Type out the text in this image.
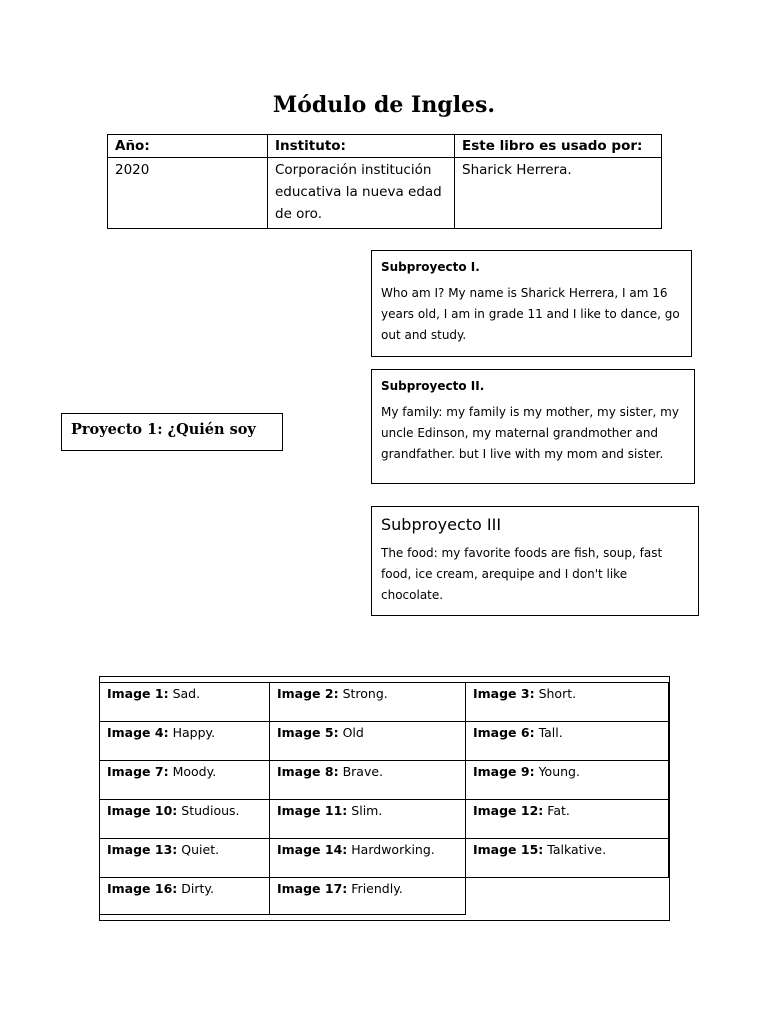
Módulo de Ingles.
Año:	Instituto:	Este libro es usado por:
2020	Corporación institución educativa la nueva edad de oro.	Sharick Herrera.
Subproyecto I.
Who am I? My name is Sharick Herrera, I am 16 years old, I am in grade 11 and I like to dance, go out and study.
Subproyecto II.
My family: my family is my mother, my sister, my uncle Edinson, my maternal grandmother and grandfather. but I live with my mom and sister.
Proyecto 1: ¿Quién soy
Subproyecto III
The food: my favorite foods are fish, soup, fast food, ice cream, arequipe and I don't like chocolate.
Image 1: Sad.	Image 2: Strong.	Image 3: Short.
Image 4: Happy.	Image 5: Old	Image 6: Tall.
Image 7: Moody.	Image 8: Brave.	Image 9: Young.
Image 10: Studious.	Image 11: Slim.	Image 12: Fat.
Image 13: Quiet.	Image 14: Hardworking.	Image 15: Talkative.
Image 16: Dirty.	Image 17: Friendly.	
